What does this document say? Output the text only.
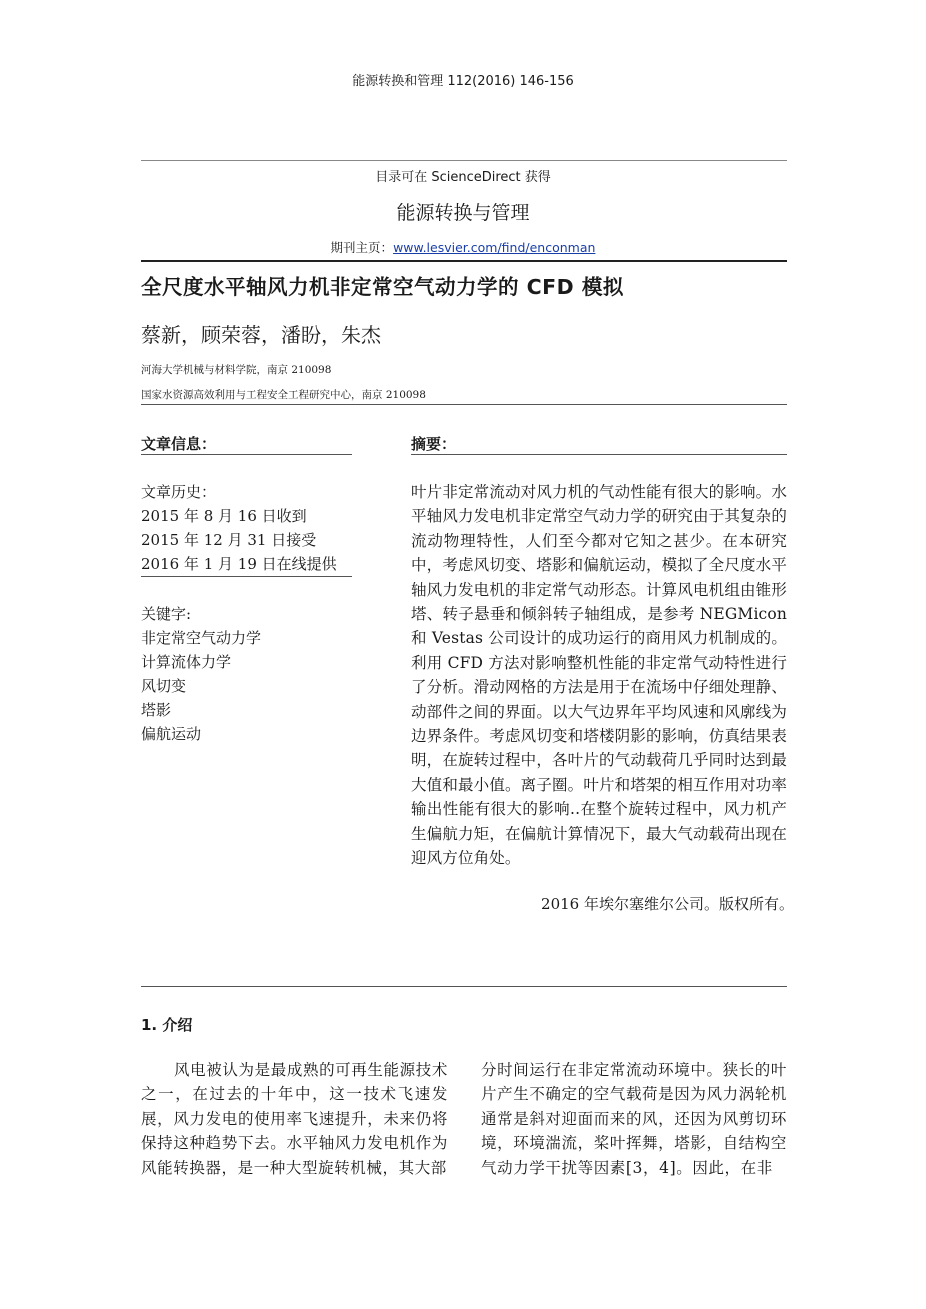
能源转换和管理 112(2016) 146-156
目录可在 ScienceDirect 获得
能源转换与管理
期刊主页：www.lesvier.com/find/enconman
全尺度水平轴风力机非定常空气动力学的 CFD 模拟
蔡新，顾荣蓉，潘盼，朱杰
河海大学机械与材料学院，南京 210098
国家水资源高效利用与工程安全工程研究中心，南京 210098
文章信息：	摘要：
文章历史：
2015 年 8 月 16 日收到
2015 年 12 月 31 日接受
2016 年 1 月 19 日在线提供
关键字:
非定常空气动力学
计算流体力学
风切变
塔影
偏航运动
叶片非定常流动对风力机的气动性能有很大的影响。水平轴风力发电机非定常空气动力学的研究由于其复杂的流动物理特性，人们至今都对它知之甚少。在本研究中，考虑风切变、塔影和偏航运动，模拟了全尺度水平轴风力发电机的非定常气动形态。计算风电机组由锥形塔、转子悬垂和倾斜转子轴组成，是参考 NEGMicon 和 Vestas 公司设计的成功运行的商用风力机制成的。利用 CFD 方法对影响整机性能的非定常气动特性进行了分析。滑动网格的方法是用于在流场中仔细处理静、动部件之间的界面。以大气边界年平均风速和风廓线为边界条件。考虑风切变和塔楼阴影的影响，仿真结果表明，在旋转过程中，各叶片的气动载荷几乎同时达到最大值和最小值。离子圈。叶片和塔架的相互作用对功率输出性能有很大的影响..在整个旋转过程中，风力机产生偏航力矩，在偏航计算情况下，最大气动载荷出现在迎风方位角处。
2016 年埃尔塞维尔公司。版权所有。
1. 介绍
风电被认为是最成熟的可再生能源技术之一，在过去的十年中，这一技术飞速发展，风力发电的使用率飞速提升，未来仍将保持这种趋势下去。水平轴风力发电机作为风能转换器，是一种大型旋转机械，其大部
分时间运行在非定常流动环境中。狭长的叶片产生不确定的空气载荷是因为风力涡轮机通常是斜对迎面而来的风，还因为风剪切环境，环境湍流，桨叶挥舞，塔影，自结构空气动力学干扰等因素[3，4]。因此，在非
